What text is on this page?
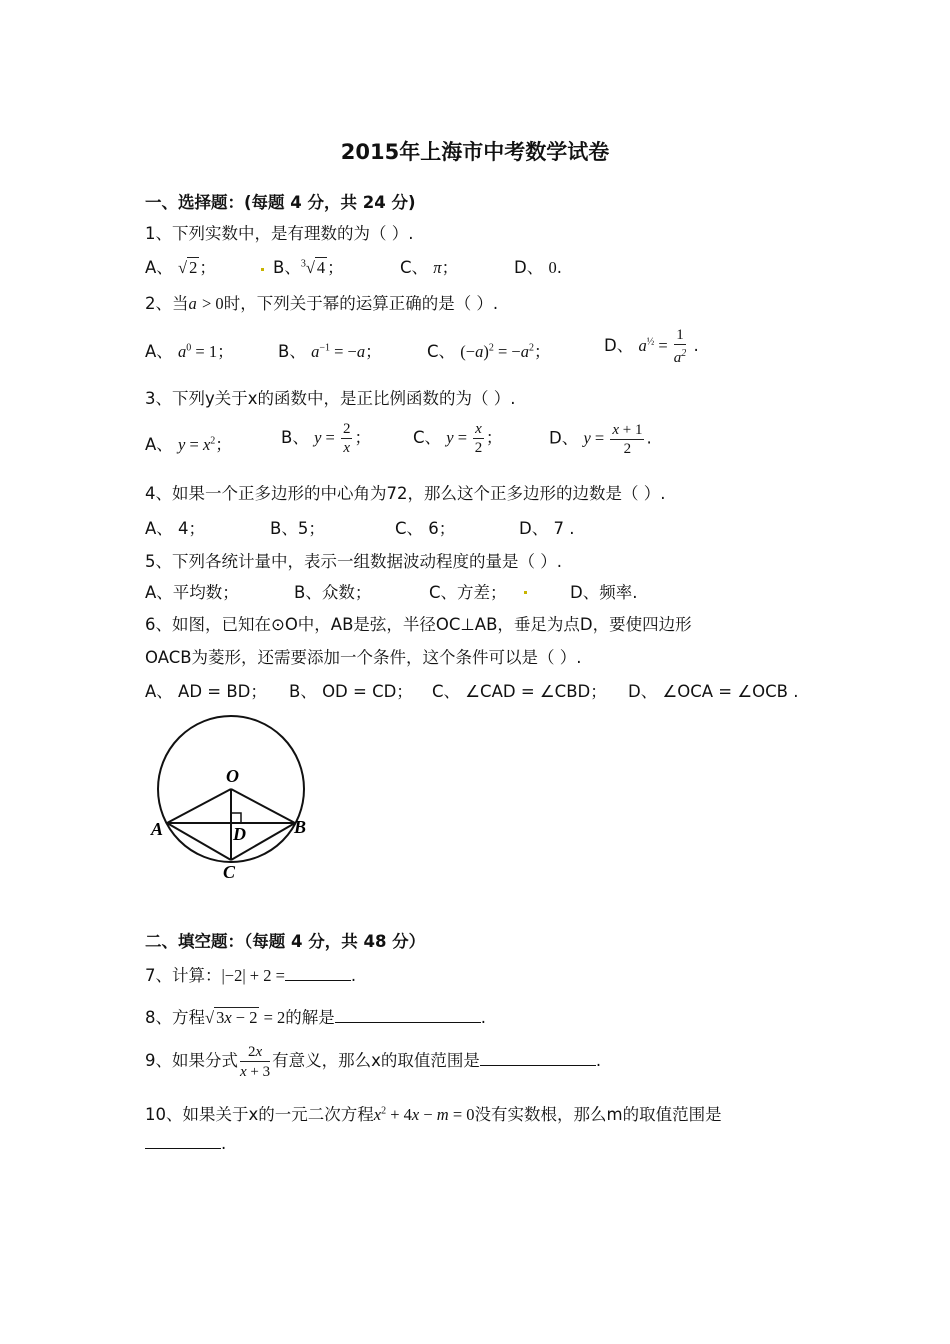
2015年上海市中考数学试卷
一、选择题：(每题 4 分，共 24 分)
1、下列实数中，是有理数的为（ ）.
A、 √ 2 ；	B、$^3$√ 4 ；	C、 π；	D、 0.
2、当a > 0时，下列关于幂的运算正确的是（ ）.
A、 $a^0 = 1$；	B、 $a^{-1} = -a$；	C、 $(-a)^2 = -a^2$；	D、 $a^{\frac{1}{2}} = \frac{1}{a^2}$ .
3、下列y关于x的函数中，是正比例函数的为（ ）.
A、 $y = x^2$；	B、 $y = \frac{2}{x}$ ；	C、 $y = \frac{x}{2}$ ；	D、 $y = \frac{x + 1}{2}$ .
4、如果一个正多边形的中心角为72，那么这个正多边形的边数是（ ）.
A、 4；	B、5；	C、 6；	D、 7 .
5、下列各统计量中，表示一组数据波动程度的量是（ ）.
A、平均数；	B、众数；	C、方差；	D、频率.
6、如图，已知在⊙O中，AB是弦，半径OC⊥AB，垂足为点D，要使四边形
OACB为菱形，还需要添加一个条件，这个条件可以是（ ）.
A、 AD = BD； B、 OD = CD； C、 ∠CAD = ∠CBD； D、 ∠OCA = ∠OCB .
O
A	B
C
D
二、填空题：（每题 4 分，共 48 分）
7、计算：|−2| + 2 =	.
8、方程√ 3x − 2 = 2的解是	.
9、如果分式 $\frac{2x}{x + 3}$ 有意义，那么x的取值范围是	.
10、如果关于x的一元二次方程$x^2 + 4x - m = 0$没有实数根，那么m的取值范围是
.
